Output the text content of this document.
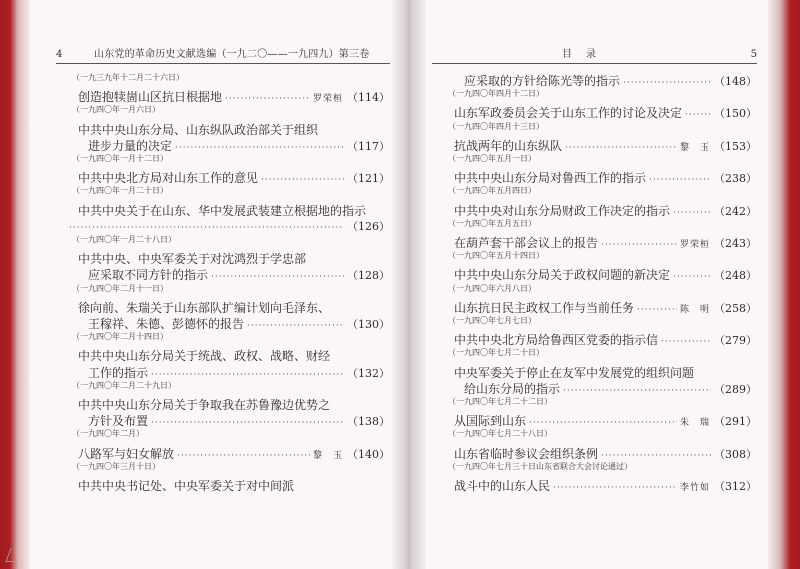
4	山东党的革命历史文献选编（一九二〇——一九四九）第三卷
（一九三九年十二月二十六日）
创造抱犊崮山区抗日根据地 ·····	罗荣桓 （114）
（一九四〇年一月六日）
中共中央山东分局、山东纵队政治部关于组织
进步力量的决定 ·····	（117）
（一九四〇年一月十二日）
中共中央北方局对山东工作的意见 ·····	（121）
（一九四〇年一月二十日）
中共中央关于在山东、华中发展武装建立根据地的指示
·····
（126）
（一九四〇年一月二十八日）
中共中央、中央军委关于对沈鸿烈于学忠部
应采取不同方针的指示 ·····	（128）
（一九四〇年二月十一日）
徐向前、朱瑞关于山东部队扩编计划向毛泽东、
王稼祥、朱德、彭德怀的报告 ·····	（130）
（一九四〇年二月十四日）
中共中央山东分局关于统战、政权、战略、财经
工作的指示 ·····	（132）
（一九四〇年二月二十九日）
中共中央山东分局关于争取我在苏鲁豫边优势之
方针及布置 ·····	（138）
（一九四〇年二月）
八路军与妇女解放 ·····	黎　玉 （140）
（一九四〇年三月十日）
中共中央书记处、中央军委关于对中间派
目录	5
应采取的方针给陈光等的指示 ·····	（148）
（一九四〇年四月十二日）
山东军政委员会关于山东工作的讨论及决定 ·····	（150）
（一九四〇年四月十三日）
抗战两年的山东纵队 ·····	黎　玉 （153）
（一九四〇年五月一日）
中共中央山东分局对鲁西工作的指示 ·····	（238）
（一九四〇年五月四日）
中共中央对山东分局财政工作决定的指示 ·····	（242）
（一九四〇年五月五日）
在葫芦套干部会议上的报告 ·····	罗荣桓 （243）
（一九四〇年五月十四日）
中共中央山东分局关于政权问题的新决定 ·····	（248）
（一九四〇年六月八日）
山东抗日民主政权工作与当前任务 ·····	陈　明 （258）
（一九四〇年七月七日）
中共中央北方局给鲁西区党委的指示信 ·····	（279）
（一九四〇年七月二十日）
中央军委关于停止在友军中发展党的组织问题
给山东分局的指示 ·····	（289）
（一九四〇年七月二十二日）
从国际到山东 ·····	朱　瑞 （291）
（一九四〇年七月二十八日）
山东省临时参议会组织条例 ·····	（308）
（一九四〇年七月三十日山东省联合大会讨论通过）
战斗中的山东人民 ·····	李竹如 （312）
